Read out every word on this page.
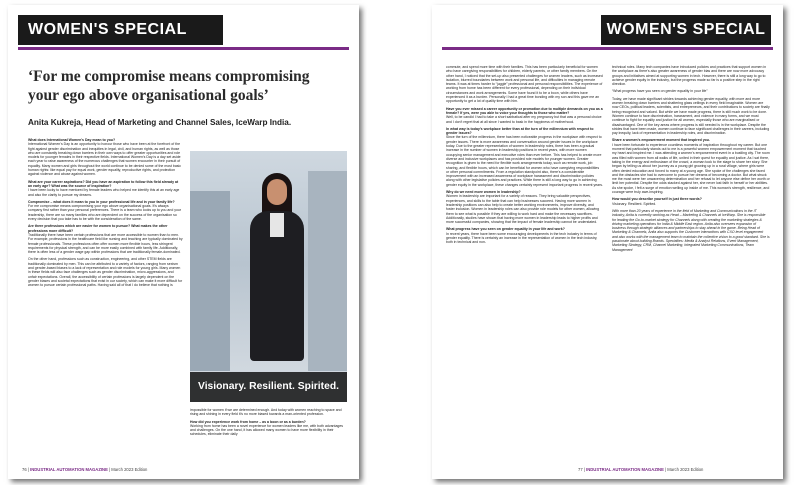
WOMEN'S SPECIAL
‘For me compromise means compromising your ego above organisational goals’
Anita Kukreja, Head of Marketing and Channel Sales, IceWarp India.

What does International Women’s Day mean to you?
International Women’s Day is an opportunity to honour those who have been at the forefront of the fight against gender discrimination and inequities in legal, civil, and human rights, as well as those who are constantly breaking down barriers in their own ways to offer greater opportunities and role models for younger females in their respective fields. International Women’s Day is a day set aside each year to raise awareness of the numerous challenges that women encounter in their pursuit of equality. Many women and girls throughout the world continue to be denied some of the most basic human rights: like equal pay for equal work, gender equality, reproductive rights, and protection against violence and abuse against women.

What are your career aspirations? Did you have an aspiration to follow this field already at an early age? What was the source of inspiration?
I have been lucky to have mentored by female leaders who helped me identify this at an early age and also the clarity to pursue my dreams.

Compromise – what does it mean to you in your professional life and in your family life?
For me compromise means compromising your ego above organisational goals. It’s always company first rather than your personal preferences. There is a team who looks up to you and your leadership, there are so many families who are dependent on the success of the organisation so every decision that you take has to be with the consideration of the same.

Are there professions which are easier for women to pursue? What makes the other professions more difficult?
Traditionally there have been certain professions that are more accessible to women than to men. For example, professions in the healthcare field like nursing and teaching are typically dominated by female professionals. These professions often offer women more flexible hours, less stringent requirements for physical strength, and can be more easily combined with family life. Additionally, there is often less of a gender wage gap within professions that are traditionally female-dominated.

On the other hand, professions such as construction, engineering, and other STEM fields are traditionally dominated by men. This can be attributed to a variety of factors, ranging from sexism and gender-based biases to a lack of representation and role models for young girls. Many women in these fields will also face challenges such as gender discrimination, micro-aggressions, and unfair expectations. Overall, the accessibility of certain professions is largely dependent on the gender biases and societal expectations that exist in our society, which can make it more difficult for women to pursue certain professional paths. Having said all of that I do believe that nothing is

Visionary. Resilient. Spirited.

impossible for women if we are determined enough. And today with women reaching to space and rising and shining in every field it’s no more biased towards a man-oriented profession.

How did you experience work from home – as a boon or as a burden?
Working from home has been a novel experience for women leaders like me, with both advantages and challenges. On the one hand, it has allowed many women to have more flexibility in their schedules, eliminate their daily

76 | INDUSTRIAL AUTOMATION MAGAZINE | March 2023 Edition
WOMEN'S SPECIAL

commute, and spend more time with their families. This has been particularly beneficial for women who have caregiving responsibilities for children, elderly parents, or other family members. On the other hand, I noticed that the set-up also presented challenges for women leaders, such as increased isolation, blurred boundaries between work and personal life, and difficulties in managing remote teams. It was at times harder to “juggle” professional and personal responsibilities. The experience of working from home has been different for every professional, depending on their individual circumstances and work arrangements. Some have found it to be a boon, while others have experienced it as a burden. Personally I had a great time bonding with my son and this gave me an opportunity to get a lot of quality time with him.

Have you ever missed a career opportunity or promotion due to multiple demands on you as a female? If yes, were you able to voice your thoughts to those who matter?
Well, to be candid I had to take a short sabbatical after my pregnancy but that was a personal choice and I don’t regret that at all since I wanted to bask in the happiness of motherhood.

In what way is today’s workplace better than at the turn of the millennium with respect to gender issues?
Since the turn of the millennium, there has been noticeable progress in the workplace with respect to gender issues. There is more awareness and conversation around gender issues in the workplace today. Due to the greater representation of women in leadership roles, there has been a gradual increase in the number of women in leadership positions in recent years, with more women occupying senior management and executive roles than ever before. This has helped to create more diverse and inclusive workplaces and has provided role models for younger women. Greater recognition is given to the need for flexible work arrangements today, such as remote work, job sharing, and flexible hours, which can be beneficial for women who have caregiving responsibilities or other personal commitments. From a regulation standpoint also, there’s a considerable improvement with an increased awareness of workplace harassment and discrimination policies along with other legislative policies and practices. While there is still a long way to go in achieving gender equity in the workplace, these changes certainly represent important progress in recent years.

Why do we need more women in leadership?
Women in leadership are important for a variety of reasons. They bring valuable perspectives, experiences, and skills to the table that can help businesses succeed. Having more women in leadership positions can also help to create better working environments, improve diversity, and foster inclusion. Women in leadership roles can also provide role models for other women, allowing them to see what is possible if they are willing to work hard and make the necessary sacrifices. Additionally, studies have shown that having more women in leadership leads to higher profits and more successful companies, showing that the impact of female leadership cannot be understated.

What progress have you seen on gender equality in your life and work?
In recent years, there have been some encouraging developments in the tech industry in terms of gender equality. There is certainly an increase in the representation of women in the tech industry, both in technical and non-

technical roles. Many tech companies have introduced policies and practices that support women in the workplace as there’s also greater awareness of gender bias and there are now more advocacy groups and initiatives aimed at supporting women in tech. However, there is still a long way to go to achieve gender equity in the industry, but the progress made so far is a positive step in the right direction.

“What progress have you seen on gender equality in your life”

Today, we have made significant strides towards achieving gender equality, with more and more women breaking down barriers and shattering glass ceilings in every field imaginable. Women are now CEOs, political leaders, scientists, and entrepreneurs, and their contributions to society are finally being recognised and valued. But while we have made progress, there is still much work to be done. Women continue to face discrimination, harassment, and violence in many forms, and we must continue to fight for equality and justice for all women, especially those who are marginalised or disadvantaged. One of the key areas where progress is still needed is in the workplace. Despite the strides that have been made, women continue to face significant challenges in their careers, including pay inequity, lack of representation in leadership roles, and discrimination.

Share a women’s empowerment moment that inspired you.
I have been fortunate to experience countless moments of inspiration throughout my career. But one moment that particularly stands out to me is a powerful women empowerment moment that touched my heart and inspired me. I was attending a women’s empowerment event in a bustling city. The room was filled with women from all walks of life, united in their quest for equality and justice. As I sat there, taking in the energy and enthusiasm of the crowd, a woman took to the stage to share her story. She began by telling us about her journey as a young girl growing up in a rural village, where girls were often denied education and forced to marry at a young age. She spoke of the challenges she faced and the obstacles she had to overcome to pursue her dreams of becoming a doctor. But what struck me the most were her unwavering determination and her refusal to let anyone else define her worth or limit her potential. Despite the odds stacked against her, she never lost faith in herself or her abilities. As she spoke, I felt a surge of emotion welling up inside of me. This woman’s strength, resilience, and courage were truly awe-inspiring.

How would you describe yourself in just three words?
Visionary. Resilient. Spirited.

With more than 20 years of experience in the field of Marketing and Communications in the IT industry, Anita is currently working as Head – Marketing & Channels at IceWarp. She is responsible for leading the Go-to-market strategy for Channels along with creating the marketing strategies & driving marketing operations for India & Middle East region. Anita also oversees expansion of business through strategic alliances and partnerships to stay ahead in the game. Being Head of Marketing & Channels, Anita also supports the Customer interactions with CXO level engagement and also works with the management team to maintain the collective vision to a good standard. She is passionate about building Brands. Specialties: Media & Analyst Relations, Event Management, Marketing Strategy, CRM, Channel Marketing, Integrated Marketing Communications, Team Management

77 | INDUSTRIAL AUTOMATION MAGAZINE | March 2023 Edition
